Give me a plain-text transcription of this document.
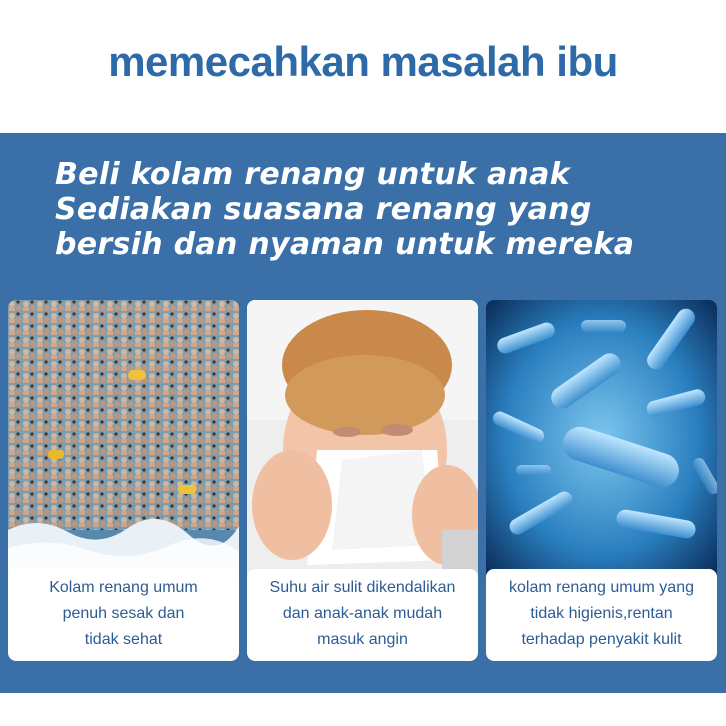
memecahkan masalah ibu
Beli kolam renang untuk anak
Sediakan suasana renang yang
bersih dan nyaman untuk mereka
Kolam renang umum
penuh sesak dan
tidak sehat
Suhu air sulit dikendalikan
dan anak-anak mudah
masuk angin
kolam renang umum yang
tidak higienis,rentan
terhadap penyakit kulit
